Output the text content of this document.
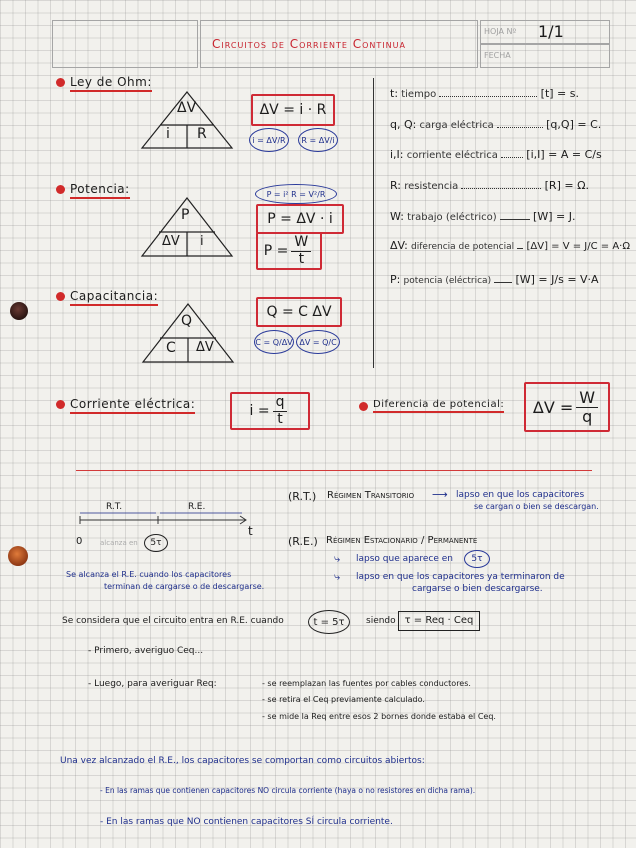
Circuitos de Corriente Continua
HOJA Nº 1/1
FECHA
Ley de Ohm:
ΔV
i R
ΔV = i · R
i = ΔV/R	R = ΔV/i
Potencia:
P
ΔV i
P = i² R = V²/R
P = ΔV · i
$P = \frac{W}{t}$
Capacitancia:
Q
C ΔV
Q = C ΔV
C = Q/ΔV ΔV = Q/C
t: tiempo	[t] = s.
q, Q: carga eléctrica	[q,Q] = C.
i,I: corriente eléctrica	[i,I] = A = C/s
R: resistencia	[R] = Ω.
W: trabajo (eléctrico)	[W] = J.
ΔV: diferencia de potencial [ΔV] = V = J/C = A·Ω
P: potencia (eléctrica) [W] = J/s = V·A
Corriente eléctrica:	$i = \frac{q}{t}$	Diferencia de potencial: $\Delta V = \frac{W}{q}$
R.T.	R.E.
t
0	alcanza en	5τ
Se alcanza el R.E. cuando los capacitores
terminan de cargarse o de descargarse.
(R.T.) Régimen Transitorio ⟶ lapso en que los capacitores
se cargan o bien se descargan.
(R.E.) Régimen Estacionario / Permanente
⤷ lapso que aparece en	5τ
⤷ lapso en que los capacitores ya terminaron de
cargarse o bien descargarse.
Se considera que el circuito entra en R.E. cuando	t = 5τ	siendo τ = Req · Ceq
- Primero, averiguo Ceq...
- Luego, para averiguar Req:	- se reemplazan las fuentes por cables conductores.
- se retira el Ceq previamente calculado.
- se mide la Req entre esos 2 bornes donde estaba el Ceq.
Una vez alcanzado el R.E., los capacitores se comportan como circuitos abiertos:
- En las ramas que contienen capacitores NO circula corriente (haya o no resistores en dicha rama).
- En las ramas que NO contienen capacitores SÍ circula corriente.
